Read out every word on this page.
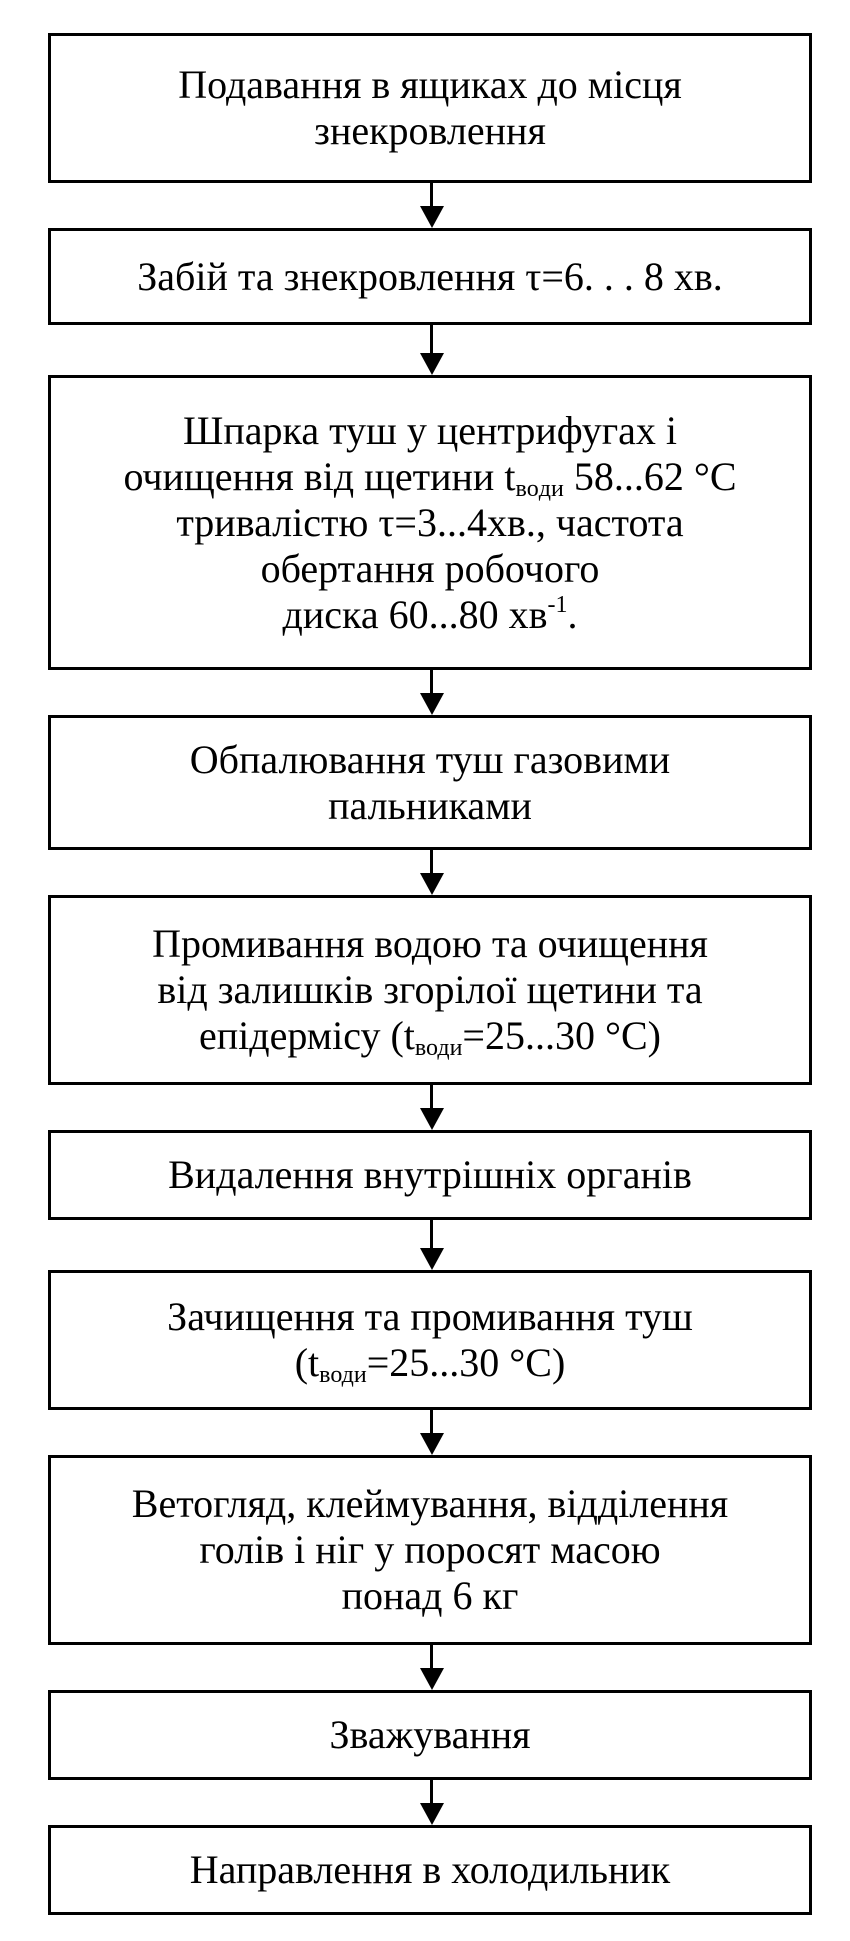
Подавання в ящиках до місця
знекровлення
Забій та знекровлення τ=6. . . 8 хв.
Шпарка туш у центрифугах і
очищення від щетини $t_{вoди}$ 58...62 °C
тривалістю τ=3...4хв., частота
обертання робочого
диска 60...80 $хв^{-1}$.
Обпалювання туш газовими
пальниками
Промивання водою та очищення
від залишків згорілої щетини та
епідермісу ($t_{води}=25...30$ °С)
Видалення внутрішніх органів
Зачищення та промивання туш
($t_{води}=25...30$ °С)
Ветогляд, клеймування, відділення
голів і ніг у поросят масою
понад 6 кг
Зважування
Направлення в холодильник
